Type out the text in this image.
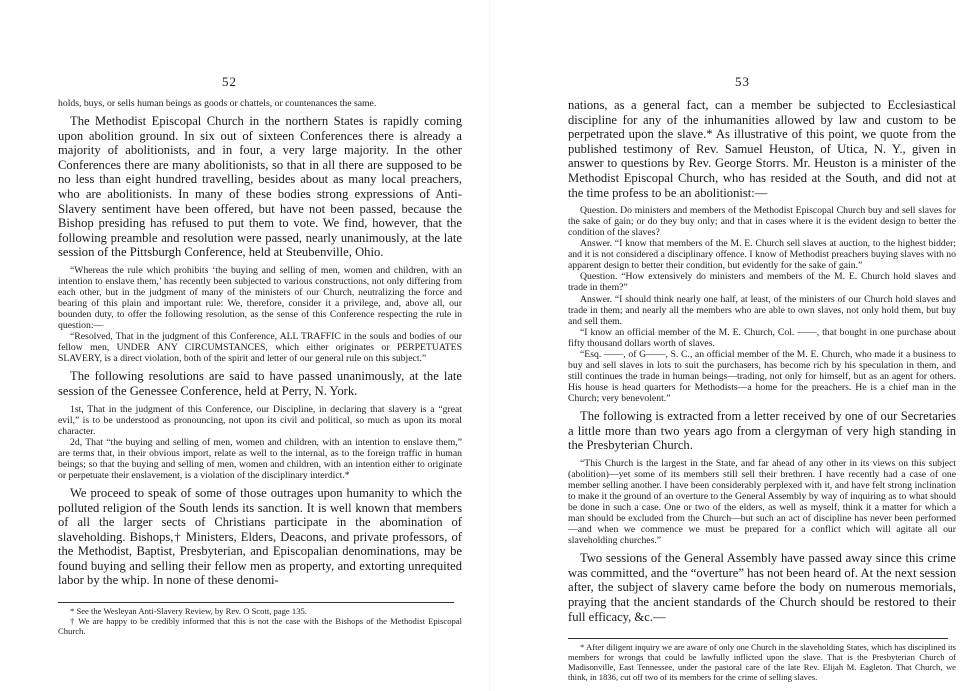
52

holds, buys, or sells human beings as goods or chattels, or countenances the same.

The Methodist Episcopal Church in the northern States is rapidly coming upon abolition ground. In six out of sixteen Conferences there is already a majority of abolitionists, and in four, a very large majority. In the other Conferences there are many abolitionists, so that in all there are supposed to be no less than eight hundred travelling, besides about as many local preachers, who are abolitionists. In many of these bodies strong expressions of Anti-Slavery sentiment have been offered, but have not been passed, because the Bishop presiding has refused to put them to vote. We find, however, that the following preamble and resolution were passed, nearly unanimously, at the late session of the Pittsburgh Conference, held at Steubenville, Ohio.

“Whereas the rule which prohibits ‘the buying and selling of men, women and children, with an intention to enslave them,’ has recently been subjected to various constructions, not only differing from each other, but in the judgment of many of the ministers of our Church, neutralizing the force and bearing of this plain and important rule: We, therefore, consider it a privilege, and, above all, our bounden duty, to offer the following resolution, as the sense of this Conference respecting the rule in question:—

“Resolved, That in the judgment of this Conference, ALL TRAFFIC in the souls and bodies of our fellow men, UNDER ANY CIRCUMSTANCES, which either originates or PERPETUATES SLAVERY, is a direct violation, both of the spirit and letter of our general rule on this subject.”

The following resolutions are said to have passed unanimously, at the late session of the Genessee Conference, held at Perry, N. York.

1st, That in the judgment of this Conference, our Discipline, in declaring that slavery is a “great evil,” is to be understood as pronouncing, not upon its civil and political, so much as upon its moral character.

2d, That “the buying and selling of men, women and children, with an intention to enslave them,” are terms that, in their obvious import, relate as well to the internal, as to the foreign traffic in human beings; so that the buying and selling of men, women and children, with an intention either to originate or perpetuate their enslavement, is a violation of the disciplinary interdict.*

We proceed to speak of some of those outrages upon humanity to which the polluted religion of the South lends its sanction. It is well known that members of all the larger sects of Christians participate in the abomination of slaveholding. Bishops,† Ministers, Elders, Deacons, and private professors, of the Methodist, Baptist, Presbyterian, and Episcopalian denominations, may be found buying and selling their fellow men as property, and extorting unrequited labor by the whip. In none of these denomi-

* See the Wesleyan Anti-Slavery Review, by Rev. O Scott, page 135.

† We are happy to be credibly informed that this is not the case with the Bishops of the Methodist Episcopal Church.

53

nations, as a general fact, can a member be subjected to Ecclesiastical discipline for any of the inhumanities allowed by law and custom to be perpetrated upon the slave.* As illustrative of this point, we quote from the published testimony of Rev. Samuel Heuston, of Utica, N. Y., given in answer to questions by Rev. George Storrs. Mr. Heuston is a minister of the Methodist Episcopal Church, who has resided at the South, and did not at the time profess to be an abolitionist:—

Question. Do ministers and members of the Methodist Episcopal Church buy and sell slaves for the sake of gain; or do they buy only; and that in cases where it is the evident design to better the condition of the slaves?

Answer. “I know that members of the M. E. Church sell slaves at auction, to the highest bidder; and it is not considered a disciplinary offence. I know of Methodist preachers buying slaves with no apparent design to better their condition, but evidently for the sake of gain.”

Question. “How extensively do ministers and members of the M. E. Church hold slaves and trade in them?”

Answer. “I should think nearly one half, at least, of the ministers of our Church hold slaves and trade in them; and nearly all the members who are able to own slaves, not only hold them, but buy and sell them.

“I know an official member of the M. E. Church, Col. ——, that bought in one purchase about fifty thousand dollars worth of slaves.

“Esq. ——, of G——, S. C., an official member of the M. E. Church, who made it a business to buy and sell slaves in lots to suit the purchasers, has become rich by his speculation in them, and still continues the trade in human beings—trading, not only for himself, but as an agent for others. His house is head quarters for Methodists—a home for the preachers. He is a chief man in the Church; very benevolent.”

The following is extracted from a letter received by one of our Secretaries a little more than two years ago from a clergyman of very high standing in the Presbyterian Church.

“This Church is the largest in the State, and far ahead of any other in its views on this subject (abolition)—yet some of its members still sell their brethren. I have recently had a case of one member selling another. I have been considerably perplexed with it, and have felt strong inclination to make it the ground of an overture to the General Assembly by way of inquiring as to what should be done in such a case. One or two of the elders, as well as myself, think it a matter for which a man should be excluded from the Church—but such an act of discipline has never been performed—and when we commence we must be prepared for a conflict which will agitate all our slaveholding churches.”

Two sessions of the General Assembly have passed away since this crime was committed, and the “overture” has not been heard of. At the next session after, the subject of slavery came before the body on numerous memorials, praying that the ancient standards of the Church should be restored to their full efficacy, &c.—

* After diligent inquiry we are aware of only one Church in the slaveholding States, which has disciplined its members for wrongs that could be lawfully inflicted upon the slave. That is the Presbyterian Church of Madisonville, East Tennessee, under the pastoral care of the late Rev. Elijah M. Eagleton. That Church, we think, in 1836, cut off two of its members for the crime of selling slaves.
